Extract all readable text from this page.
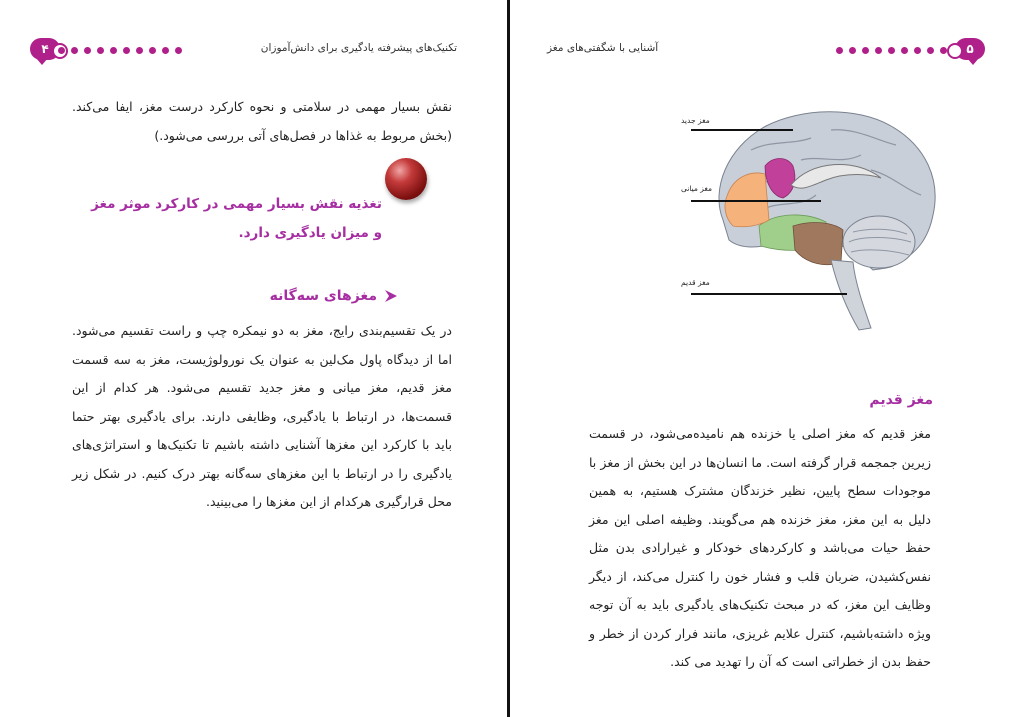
۴	تکنیک‌های پیشرفته یادگیری برای دانش‌آموزان
نقش بسیار مهمی در سلامتی و نحوه کارکرد درست مغز، ایفا می‌کند.(بخش مربوط به غذاها در فصل‌های آتی بررسی می‌شود.)
تغذیه نقش بسیار مهمی در کارکرد موثر مغز و میزان یادگیری دارد.
مغزهای سه‌گانه
در یک تقسیم‌بندی رایج، مغز به دو نیمکره چپ و راست تقسیم می‌شود. اما از دیدگاه پاول مک‌لین به عنوان یک نورولوژیست، مغز به سه قسمت مغز قدیم، مغز میانی و مغز جدید تقسیم می‌شود. هر کدام از این قسمت‌ها، در ارتباط با یادگیری، وظایفی دارند. برای یادگیری بهتر حتما باید با کارکرد این مغزها آشنایی داشته باشیم تا تکنیک‌ها و استراتژی‌های یادگیری را در ارتباط با این مغزهای سه‌گانه بهتر درک کنیم. در شکل زیر محل قرارگیری هرکدام از این مغزها را می‌بینید.
آشنایی با شگفتی‌های مغز	۵
مغز جدید
مغز میانی
مغز قدیم
مغز قدیم
مغز قدیم که مغز اصلی یا خزنده هم نامیده‌می‌شود، در قسمت زیرین جمجمه قرار گرفته است. ما انسان‌ها در این بخش از مغز با موجودات سطح پایین، نظیر خزندگان مشترک هستیم، به همین دلیل به این مغز، مغز خزنده هم می‌گویند. وظیفه اصلی این مغز حفظ حیات می‌باشد و کارکردهای خودکار و غیرارادی بدن مثل نفس‌کشیدن، ضربان قلب و فشار خون را کنترل می‌کند، از دیگر وظایف این مغز، که در مبحث تکنیک‌های یادگیری باید به آن توجه ویژه داشته‌باشیم، کنترل علایم غریزی، مانند فرار کردن از خطر و حفظ بدن از خطراتی است که آن را تهدید می کند.
